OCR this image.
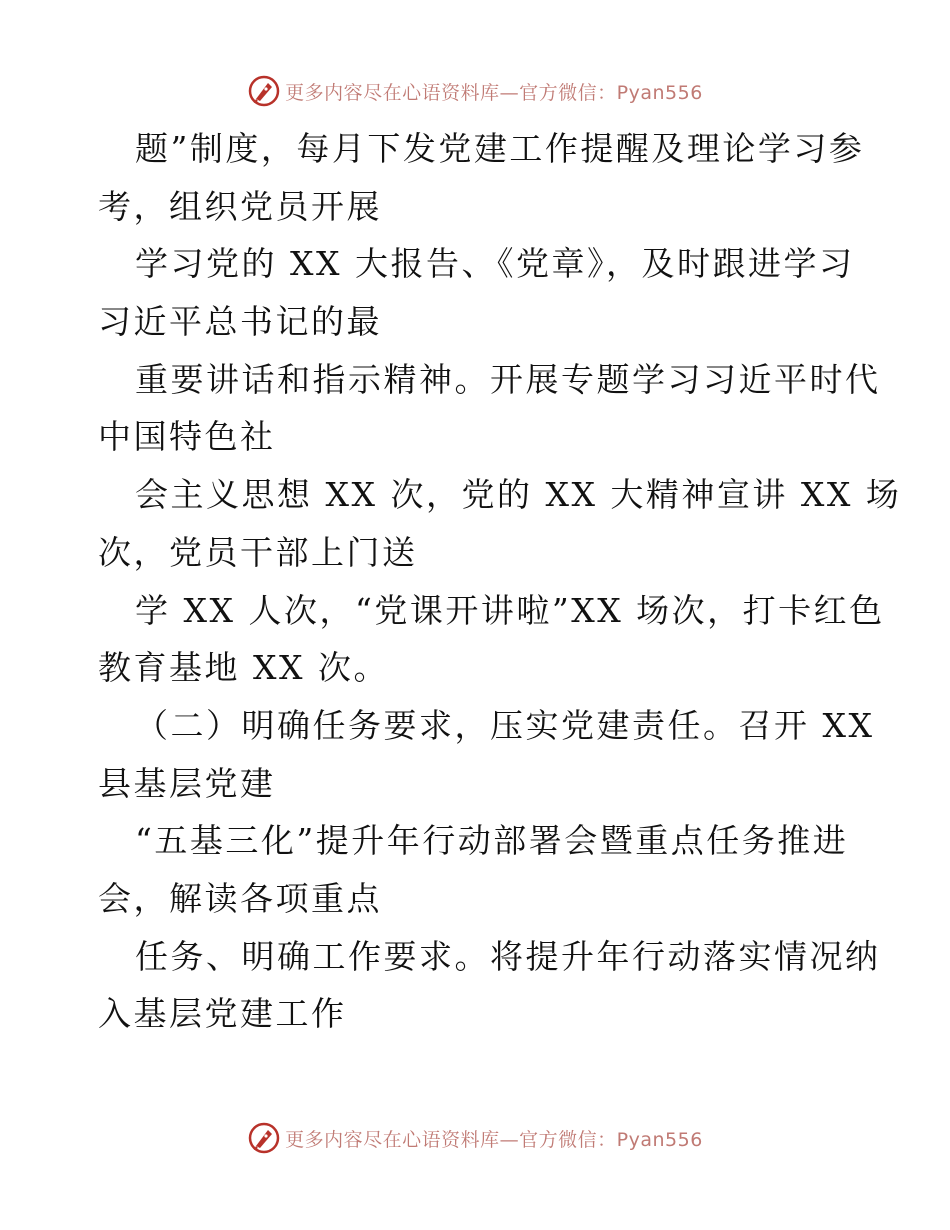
更多内容尽在心语资料库—官方微信：Pyan556
题”制度，每月下发党建工作提醒及理论学习参
考，组织党员开展
学习党的 XX 大报告、《党章》，及时跟进学习
习近平总书记的最
重要讲话和指示精神。开展专题学习习近平时代
中国特色社
会主义思想 XX 次，党的 XX 大精神宣讲 XX 场
次，党员干部上门送
学 XX 人次，“党课开讲啦”XX 场次，打卡红色
教育基地 XX 次。
（二）明确任务要求，压实党建责任。召开 XX
县基层党建
“五基三化”提升年行动部署会暨重点任务推进
会，解读各项重点
任务、明确工作要求。将提升年行动落实情况纳
入基层党建工作
更多内容尽在心语资料库—官方微信：Pyan556
